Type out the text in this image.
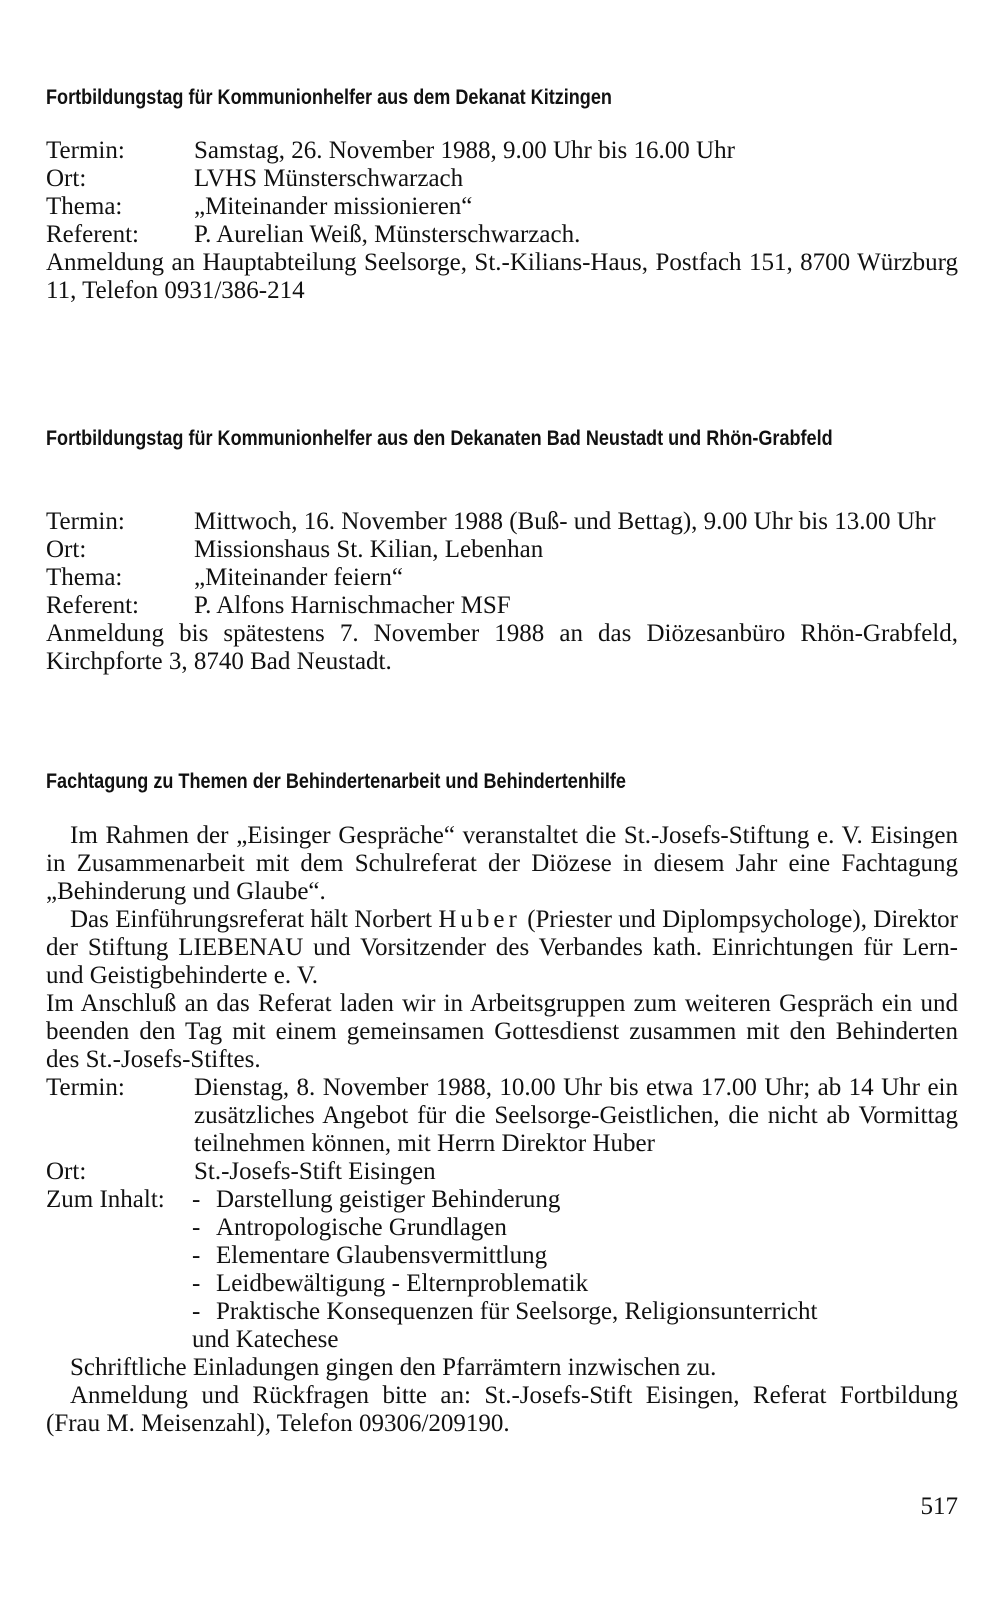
Fortbildungstag für Kommunionhelfer aus dem Dekanat Kitzingen
Termin:	Samstag, 26. November 1988, 9.00 Uhr bis 16.00 Uhr
Ort:	LVHS Münsterschwarzach
Thema:	„Miteinander missionieren“
Referent:	P. Aurelian Weiß, Münsterschwarzach.
Anmeldung an Hauptabteilung Seelsorge, St.-Kilians-Haus, Postfach 151, 8700 Würzburg 11, Telefon 0931/386-214
Fortbildungstag für Kommunionhelfer aus den Dekanaten Bad Neustadt und Rhön-Grabfeld
Termin:	Mittwoch, 16. November 1988 (Buß- und Bettag), 9.00 Uhr bis 13.00 Uhr
Ort:	Missionshaus St. Kilian, Lebenhan
Thema:	„Miteinander feiern“
Referent:	P. Alfons Harnischmacher MSF
Anmeldung bis spätestens 7. November 1988 an das Diözesanbüro Rhön-Grabfeld, Kirchpforte 3, 8740 Bad Neustadt.
Fachtagung zu Themen der Behindertenarbeit und Behindertenhilfe
Im Rahmen der „Eisinger Gespräche“ veranstaltet die St.-Josefs-Stiftung e. V. Eisingen in Zusammenarbeit mit dem Schulreferat der Diözese in diesem Jahr eine Fachtagung „Behinderung und Glaube“.
Das Einführungsreferat hält Norbert Huber (Priester und Diplompsychologe), Direktor der Stiftung LIEBENAU und Vorsitzender des Verbandes kath. Einrichtungen für Lern- und Geistigbehinderte e. V.
Im Anschluß an das Referat laden wir in Arbeitsgruppen zum weiteren Gespräch ein und beenden den Tag mit einem gemeinsamen Gottesdienst zusammen mit den Behinderten des St.-Josefs-Stiftes.
Termin:	Dienstag, 8. November 1988, 10.00 Uhr bis etwa 17.00 Uhr; ab 14 Uhr ein zusätzliches Angebot für die Seelsorge-Geistlichen, die nicht ab Vormittag teilnehmen können, mit Herrn Direktor Huber
Ort:	St.-Josefs-Stift Eisingen
Zum Inhalt:	- Darstellung geistiger Behinderung
- Antropologische Grundlagen
- Elementare Glaubensvermittlung
- Leidbewältigung - Elternproblematik
- Praktische Konsequenzen für Seelsorge, Religionsunterricht
und Katechese
Schriftliche Einladungen gingen den Pfarrämtern inzwischen zu.
Anmeldung und Rückfragen bitte an: St.-Josefs-Stift Eisingen, Referat Fortbildung (Frau M. Meisenzahl), Telefon 09306/209190.
517
